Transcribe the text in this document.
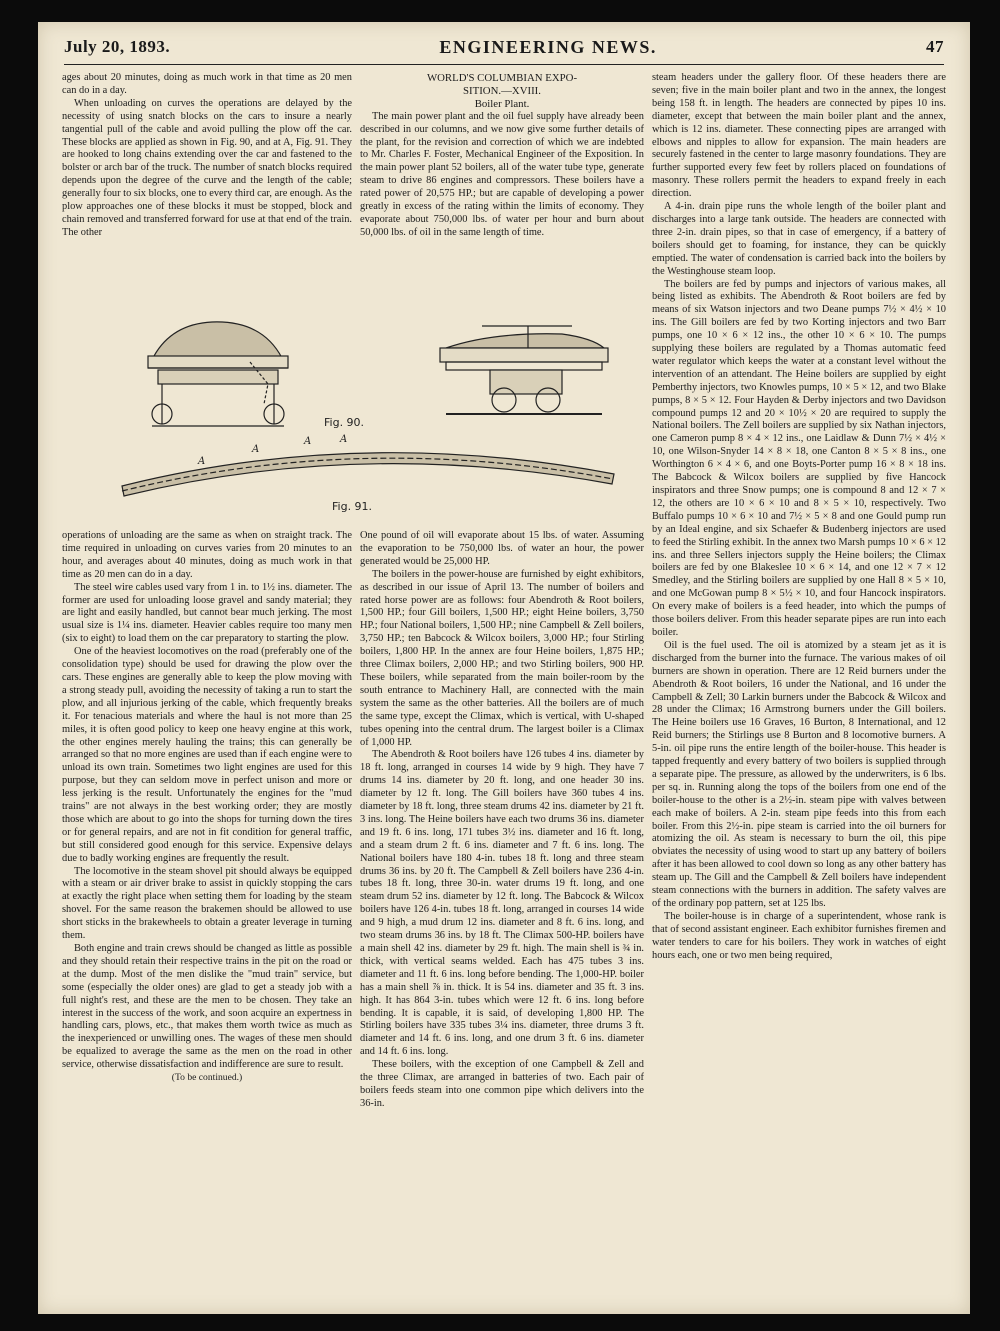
July 20, 1893.	ENGINEERING NEWS.	47

ages about 20 minutes, doing as much work in that time as 20 men can do in a day.

When unloading on curves the operations are delayed by the necessity of using snatch blocks on the cars to insure a nearly tangential pull of the cable and avoid pulling the plow off the car. These blocks are applied as shown in Fig. 90, and at A, Fig. 91. They are hooked to long chains extending over the car and fastened to the bolster or arch bar of the truck. The number of snatch blocks required depends upon the degree of the curve and the length of the cable; generally four to six blocks, one to every third car, are enough. As the plow approaches one of these blocks it must be stopped, block and chain removed and transferred forward for use at that end of the train. The other

WORLD'S COLUMBIAN EXPO-

SITION.—XVIII.

Boiler Plant.

The main power plant and the oil fuel supply have already been described in our columns, and we now give some further details of the plant, for the revision and correction of which we are indebted to Mr. Charles F. Foster, Mechanical Engineer of the Exposition. In the main power plant 52 boilers, all of the water tube type, generate steam to drive 86 engines and compressors. These boilers have a rated power of 20,575 HP.; but are capable of developing a power greatly in excess of the rating within the limits of economy. They evaporate about 750,000 lbs. of water per hour and burn about 50,000 lbs. of oil in the same length of time.

Fig. 90.
A
A
A	A
Fig. 91.

operations of unloading are the same as when on straight track. The time required in unloading on curves varies from 20 minutes to an hour, and averages about 40 minutes, doing as much work in that time as 20 men can do in a day.

The steel wire cables used vary from 1 in. to 1½ ins. diameter. The former are used for unloading loose gravel and sandy material; they are light and easily handled, but cannot bear much jerking. The most usual size is 1¼ ins. diameter. Heavier cables require too many men (six to eight) to load them on the car preparatory to starting the plow.

One of the heaviest locomotives on the road (preferably one of the consolidation type) should be used for drawing the plow over the cars. These engines are generally able to keep the plow moving with a strong steady pull, avoiding the necessity of taking a run to start the plow, and all injurious jerking of the cable, which frequently breaks it. For tenacious materials and where the haul is not more than 25 miles, it is often good policy to keep one heavy engine at this work, the other engines merely hauling the trains; this can generally be arranged so that no more engines are used than if each engine were to unload its own train. Sometimes two light engines are used for this purpose, but they can seldom move in perfect unison and more or less jerking is the result. Unfortunately the engines for the "mud trains" are not always in the best working order; they are mostly those which are about to go into the shops for turning down the tires or for general repairs, and are not in fit condition for general traffic, but still considered good enough for this service. Expensive delays due to badly working engines are frequently the result.

The locomotive in the steam shovel pit should always be equipped with a steam or air driver brake to assist in quickly stopping the cars at exactly the right place when setting them for loading by the steam shovel. For the same reason the brakemen should be allowed to use short sticks in the brakewheels to obtain a greater leverage in turning them.

Both engine and train crews should be changed as little as possible and they should retain their respective trains in the pit on the road or at the dump. Most of the men dislike the "mud train" service, but some (especially the older ones) are glad to get a steady job with a full night's rest, and these are the men to be chosen. They take an interest in the success of the work, and soon acquire an expertness in handling cars, plows, etc., that makes them worth twice as much as the inexperienced or unwilling ones. The wages of these men should be equalized to average the same as the men on the road in other service, otherwise dissatisfaction and indifference are sure to result.

(To be continued.)

One pound of oil will evaporate about 15 lbs. of water. Assuming the evaporation to be 750,000 lbs. of water an hour, the power generated would be 25,000 HP.

The boilers in the power-house are furnished by eight exhibitors, as described in our issue of April 13. The number of boilers and rated horse power are as follows: four Abendroth & Root boilers, 1,500 HP.; four Gill boilers, 1,500 HP.; eight Heine boilers, 3,750 HP.; four National boilers, 1,500 HP.; nine Campbell & Zell boilers, 3,750 HP.; ten Babcock & Wilcox boilers, 3,000 HP.; four Stirling boilers, 1,800 HP. In the annex are four Heine boilers, 1,875 HP.; three Climax boilers, 2,000 HP.; and two Stirling boilers, 900 HP. These boilers, while separated from the main boiler-room by the south entrance to Machinery Hall, are connected with the main system the same as the other batteries. All the boilers are of much the same type, except the Climax, which is vertical, with U-shaped tubes opening into the central drum. The largest boiler is a Climax of 1,000 HP.

The Abendroth & Root boilers have 126 tubes 4 ins. diameter by 18 ft. long, arranged in courses 14 wide by 9 high. They have 7 drums 14 ins. diameter by 20 ft. long, and one header 30 ins. diameter by 12 ft. long. The Gill boilers have 360 tubes 4 ins. diameter by 18 ft. long, three steam drums 42 ins. diameter by 21 ft. 3 ins. long. The Heine boilers have each two drums 36 ins. diameter and 19 ft. 6 ins. long, 171 tubes 3½ ins. diameter and 16 ft. long, and a steam drum 2 ft. 6 ins. diameter and 7 ft. 6 ins. long. The National boilers have 180 4-in. tubes 18 ft. long and three steam drums 36 ins. by 20 ft. The Campbell & Zell boilers have 236 4-in. tubes 18 ft. long, three 30-in. water drums 19 ft. long, and one steam drum 52 ins. diameter by 12 ft. long. The Babcock & Wilcox boilers have 126 4-in. tubes 18 ft. long, arranged in courses 14 wide and 9 high, a mud drum 12 ins. diameter and 8 ft. 6 ins. long, and two steam drums 36 ins. by 18 ft. The Climax 500-HP. boilers have a main shell 42 ins. diameter by 29 ft. high. The main shell is ¾ in. thick, with vertical seams welded. Each has 475 tubes 3 ins. diameter and 11 ft. 6 ins. long before bending. The 1,000-HP. boiler has a main shell ⅞ in. thick. It is 54 ins. diameter and 35 ft. 3 ins. high. It has 864 3-in. tubes which were 12 ft. 6 ins. long before bending. It is capable, it is said, of developing 1,800 HP. The Stirling boilers have 335 tubes 3¼ ins. diameter, three drums 3 ft. diameter and 14 ft. 6 ins. long, and one drum 3 ft. 6 ins. diameter and 14 ft. 6 ins. long.

These boilers, with the exception of one Campbell & Zell and the three Climax, are arranged in batteries of two. Each pair of boilers feeds steam into one common pipe which delivers into the 36-in.

steam headers under the gallery floor. Of these headers there are seven; five in the main boiler plant and two in the annex, the longest being 158 ft. in length. The headers are connected by pipes 10 ins. diameter, except that between the main boiler plant and the annex, which is 12 ins. diameter. These connecting pipes are arranged with elbows and nipples to allow for expansion. The main headers are securely fastened in the center to large masonry foundations. They are further supported every few feet by rollers placed on foundations of masonry. These rollers permit the headers to expand freely in each direction.

A 4-in. drain pipe runs the whole length of the boiler plant and discharges into a large tank outside. The headers are connected with three 2-in. drain pipes, so that in case of emergency, if a battery of boilers should get to foaming, for instance, they can be quickly emptied. The water of condensation is carried back into the boilers by the Westinghouse steam loop.

The boilers are fed by pumps and injectors of various makes, all being listed as exhibits. The Abendroth & Root boilers are fed by means of six Watson injectors and two Deane pumps 7½ × 4½ × 10 ins. The Gill boilers are fed by two Korting injectors and two Barr pumps, one 10 × 6 × 12 ins., the other 10 × 6 × 10. The pumps supplying these boilers are regulated by a Thomas automatic feed water regulator which keeps the water at a constant level without the intervention of an attendant. The Heine boilers are supplied by eight Pemberthy injectors, two Knowles pumps, 10 × 5 × 12, and two Blake pumps, 8 × 5 × 12. Four Hayden & Derby injectors and two Davidson compound pumps 12 and 20 × 10½ × 20 are required to supply the National boilers. The Zell boilers are supplied by six Nathan injectors, one Cameron pump 8 × 4 × 12 ins., one Laidlaw & Dunn 7½ × 4½ × 10, one Wilson-Snyder 14 × 8 × 18, one Canton 8 × 5 × 8 ins., one Worthington 6 × 4 × 6, and one Boyts-Porter pump 16 × 8 × 18 ins. The Babcock & Wilcox boilers are supplied by five Hancock inspirators and three Snow pumps; one is compound 8 and 12 × 7 × 12, the others are 10 × 6 × 10 and 8 × 5 × 10, respectively. Two Buffalo pumps 10 × 6 × 10 and 7½ × 5 × 8 and one Gould pump run by an Ideal engine, and six Schaefer & Budenberg injectors are used to feed the Stirling exhibit. In the annex two Marsh pumps 10 × 6 × 12 ins. and three Sellers injectors supply the Heine boilers; the Climax boilers are fed by one Blakeslee 10 × 6 × 14, and one 12 × 7 × 12 Smedley, and the Stirling boilers are supplied by one Hall 8 × 5 × 10, and one McGowan pump 8 × 5½ × 10, and four Hancock inspirators. On every make of boilers is a feed header, into which the pumps of those boilers deliver. From this header separate pipes are run into each boiler.

Oil is the fuel used. The oil is atomized by a steam jet as it is discharged from the burner into the furnace. The various makes of oil burners are shown in operation. There are 12 Reid burners under the Abendroth & Root boilers, 16 under the National, and 16 under the Campbell & Zell; 30 Larkin burners under the Babcock & Wilcox and 28 under the Climax; 16 Armstrong burners under the Gill boilers. The Heine boilers use 16 Graves, 16 Burton, 8 International, and 12 Reid burners; the Stirlings use 8 Burton and 8 locomotive burners. A 5-in. oil pipe runs the entire length of the boiler-house. This header is tapped frequently and every battery of two boilers is supplied through a separate pipe. The pressure, as allowed by the underwriters, is 6 lbs. per sq. in. Running along the tops of the boilers from one end of the boiler-house to the other is a 2½-in. steam pipe with valves between each make of boilers. A 2-in. steam pipe feeds into this from each boiler. From this 2½-in. pipe steam is carried into the oil burners for atomizing the oil. As steam is necessary to burn the oil, this pipe obviates the necessity of using wood to start up any battery of boilers after it has been allowed to cool down so long as any other battery has steam up. The Gill and the Campbell & Zell boilers have independent steam connections with the burners in addition. The safety valves are of the ordinary pop pattern, set at 125 lbs.

The boiler-house is in charge of a superintendent, whose rank is that of second assistant engineer. Each exhibitor furnishes firemen and water tenders to care for his boilers. They work in watches of eight hours each, one or two men being required,
